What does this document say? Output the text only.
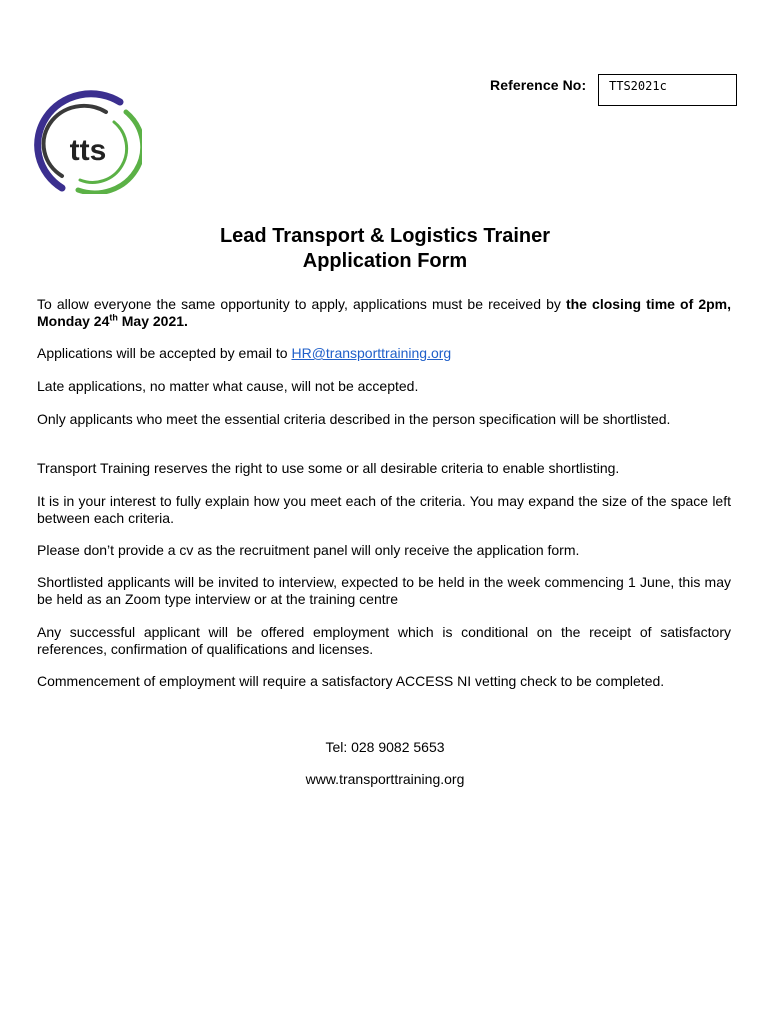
tts
Reference No:	TTS2021c
Lead Transport & Logistics Trainer
Application Form
To allow everyone the same opportunity to apply, applications must be received by the closing time of 2pm, Monday 24th May 2021.
Applications will be accepted by email to HR@transporttraining.org
Late applications, no matter what cause, will not be accepted.
Only applicants who meet the essential criteria described in the person specification will be shortlisted.
Transport Training reserves the right to use some or all desirable criteria to enable shortlisting.
It is in your interest to fully explain how you meet each of the criteria. You may expand the size of the space left between each criteria.
Please don’t provide a cv as the recruitment panel will only receive the application form.
Shortlisted applicants will be invited to interview, expected to be held in the week commencing 1 June, this may be held as an Zoom type interview or at the training centre
Any successful applicant will be offered employment which is conditional on the receipt of satisfactory references, confirmation of qualifications and licenses.
Commencement of employment will require a satisfactory ACCESS NI vetting check to be completed.
Tel: 028 9082 5653
www.transporttraining.org
